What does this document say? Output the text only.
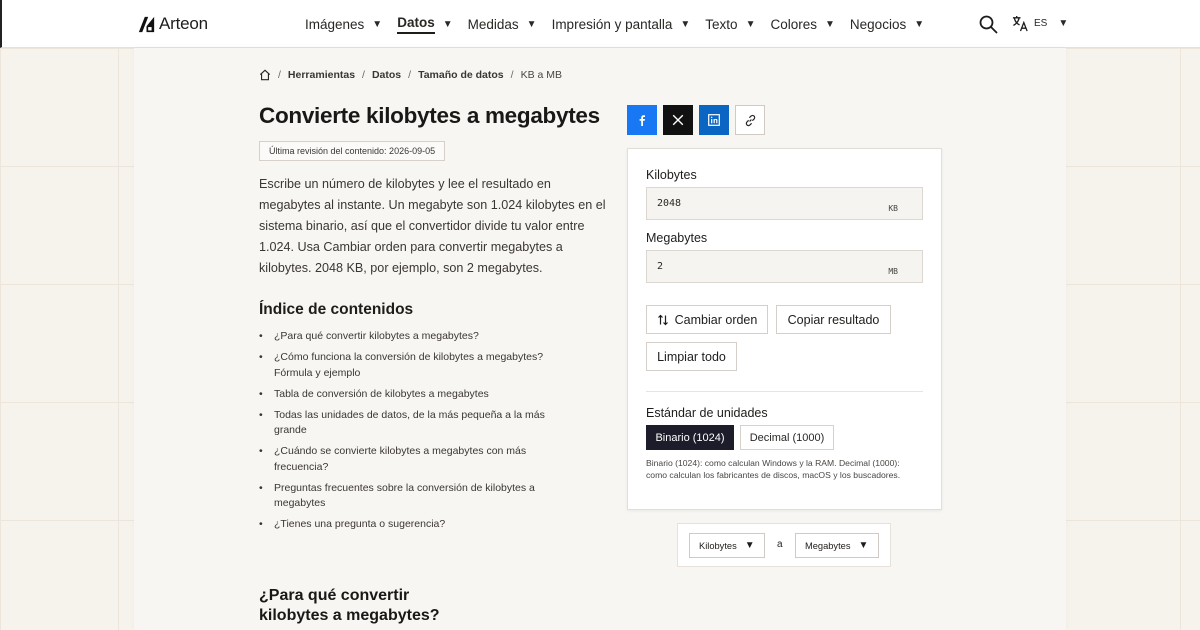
Arteon	Imágenes ▼ Datos ▼ Medidas ▼ Impresión y pantalla ▼ Texto ▼ Colores ▼ Negocios ▼	ES ▼
/ Herramientas / Datos / Tamaño de datos / KB a MB
Convierte kilobytes a megabytes
Última revisión del contenido: 2026-09-05

Escribe un número de kilobytes y lee el resultado en megabytes al instante. Un megabyte son 1.024 kilobytes en el sistema binario, así que el convertidor divide tu valor entre 1.024. Usa Cambiar orden para convertir megabytes a kilobytes. 2048 KB, por ejemplo, son 2 megabytes.

Índice de contenidos
•	¿Para qué convertir kilobytes a megabytes?
•	¿Cómo funciona la conversión de kilobytes a megabytes? Fórmula y ejemplo
•	Tabla de conversión de kilobytes a megabytes
•	Todas las unidades de datos, de la más pequeña a la más grande
•	¿Cuándo se convierte kilobytes a megabytes con más frecuencia?
•	Preguntas frecuentes sobre la conversión de kilobytes a megabytes
•	¿Tienes una pregunta o sugerencia?
¿Para qué convertir kilobytes a megabytes?
Kilobytes
2048	KB
Megabytes
2	MB
Cambiar orden Copiar resultado
Limpiar todo
Estándar de unidades
Binario (1024)	Decimal (1000)

Binario (1024): como calculan Windows y la RAM. Decimal (1000): como calculan los fabricantes de discos, macOS y los buscadores.

Kilobytes ▼ a Megabytes ▼
